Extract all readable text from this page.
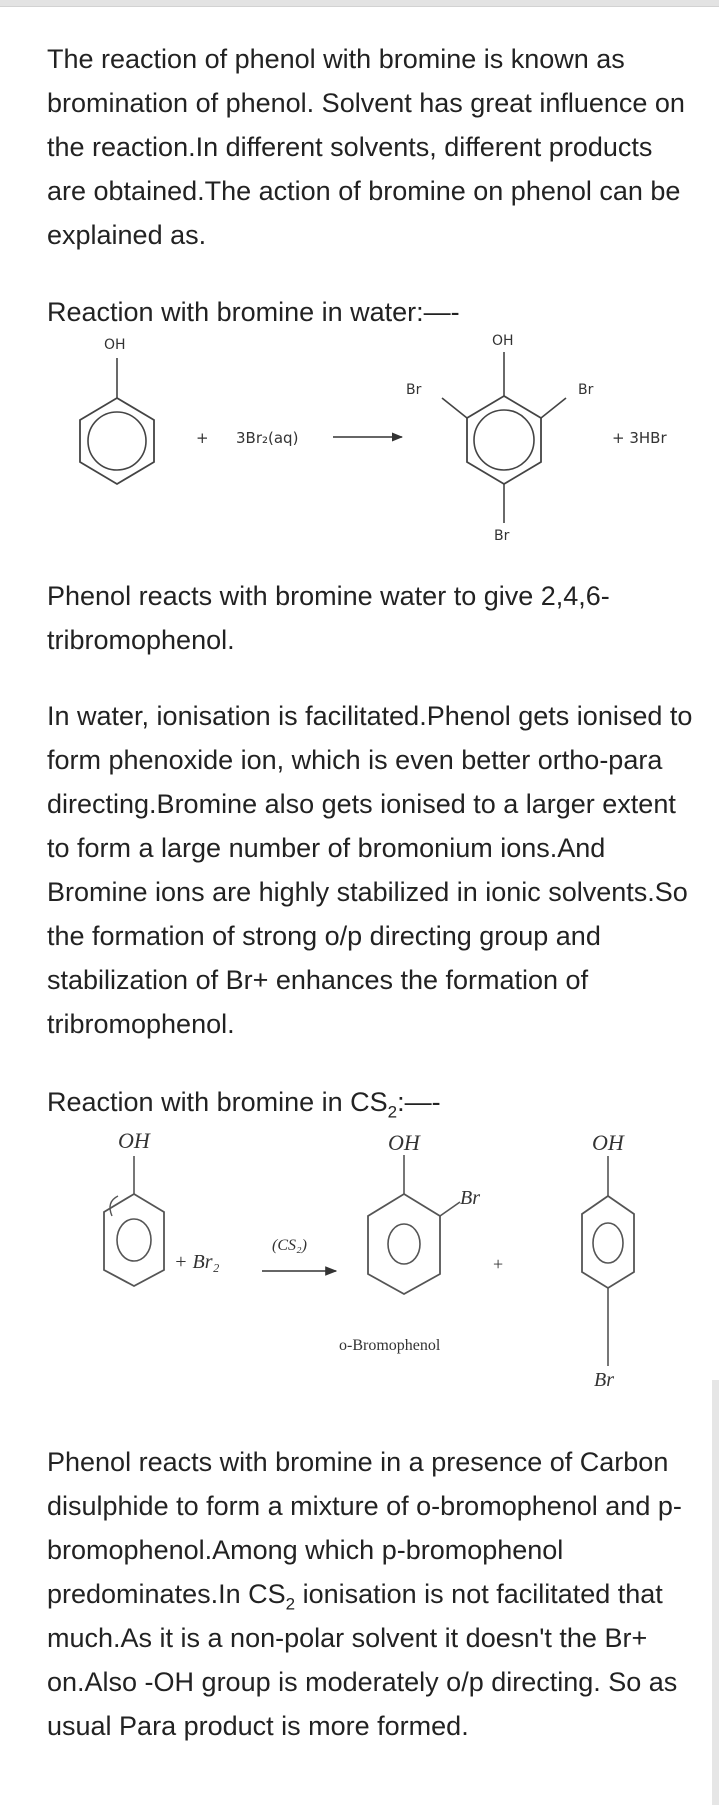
The reaction of phenol with bromine is known as bromination of phenol. Solvent has great influence on the reaction.In different solvents, different products are obtained.The action of bromine on phenol can be explained as.

Reaction with bromine in water:—-

OH
+ 3Br₂(aq)
OH
Br	Br
Br
+ 3HBr

Phenol reacts with bromine water to give 2,4,6-tribromophenol.

In water, ionisation is facilitated.Phenol gets ionised to form phenoxide ion, which is even better ortho-para directing.Bromine also gets ionised to a larger extent to form a large number of bromonium ions.And Bromine ions are highly stabilized in ionic solvents.So the formation of strong o/p directing group and stabilization of Br+ enhances the formation of tribromophenol.

Reaction with bromine in $CS_2:—-$

OH
+ Br₂
(CS₂)
OH
Br
o-Bromophenol
+
OH
Br

Phenol reacts with bromine in a presence of Carbon disulphide to form a mixture of o-bromophenol and p-bromophenol.Among which p-bromophenol predominates.In $CS_2$ ionisation is not facilitated that much.As it is a non-polar solvent it doesn't the Br+ on.Also -OH group is moderately o/p directing. So as usual Para product is more formed.
